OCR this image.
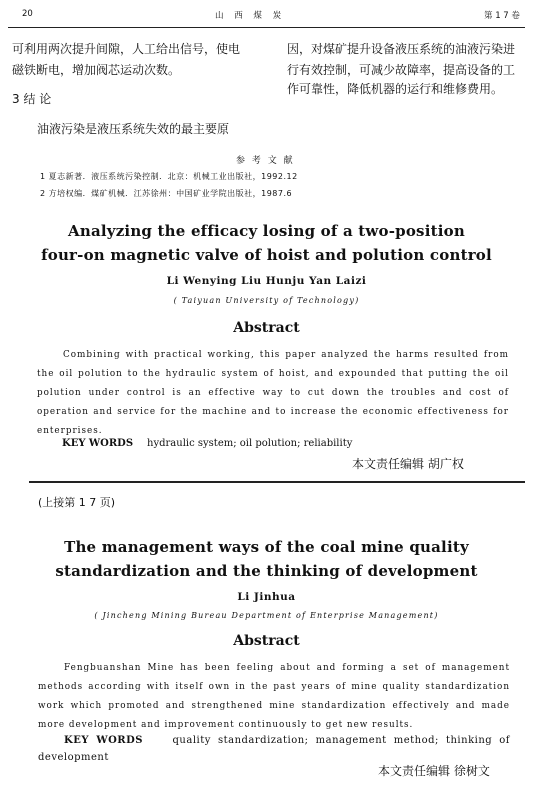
20	山 西 煤 炭	第 1 7 卷
可利用两次提升间隙，人工给出信号，使电
磁铁断电，增加阀芯运动次数。
因，对煤矿提升设备液压系统的油液污染进
行有效控制，可减少故障率，提高设备的工
作可靠性，降低机器的运行和维修费用。
3 结 论
油液污染是液压系统失效的最主要原
参 考 文 献
1 夏志新著．液压系统污染控制．北京：机械工业出版社，1992.12
2 方培权编．煤矿机械．江苏徐州：中国矿业学院出版社，1987.6
Analyzing the efficacy losing of a two-position
four-on magnetic valve of hoist and polution control
Li Wenying Liu Hunju Yan Laizi
( Taiyuan University of Technology)
Abstract
Combining with practical working, this paper analyzed the harms resulted from the oil polution to the hydraulic system of hoist, and expounded that putting the oil polution under control is an effective way to cut down the troubles and cost of operation and service for the machine and to increase the economic effectiveness for enterprises.
KEY WORDS hydraulic system; oil polution; reliability
本文责任编辑 胡广权
(上接第 1 7 页)
The management ways of the coal mine quality
standardization and the thinking of development
Li Jinhua
( Jincheng Mining Bureau Department of Enterprise Management)
Abstract
Fengbuanshan Mine has been feeling about and forming a set of management methods according with itself own in the past years of mine quality standardization work which promoted and strengthened mine standardization effectively and made more development and improvement continuously to get new results.
KEY WORDS	quality standardization; management method; thinking of development
本文责任编辑 徐树文
